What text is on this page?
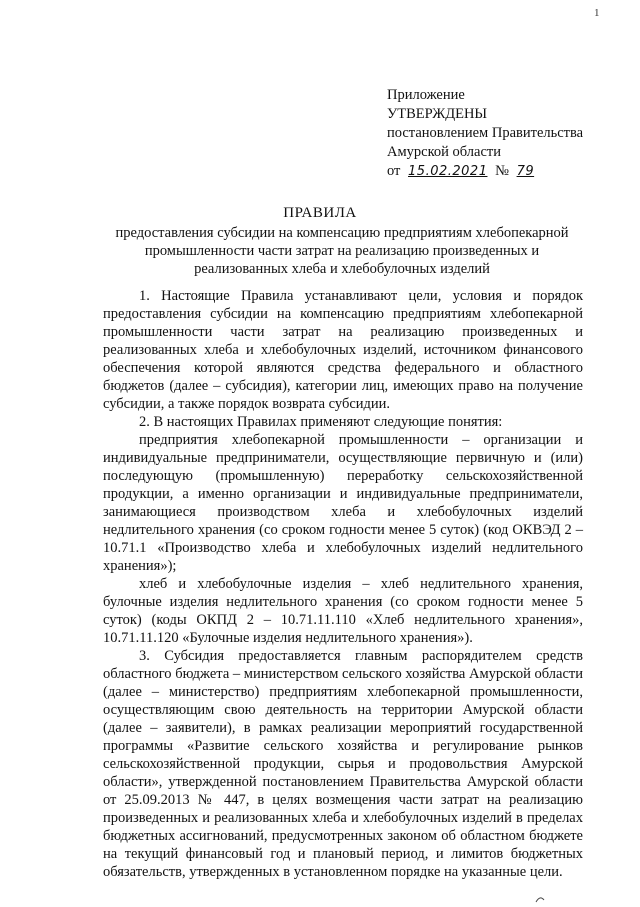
1
Приложение
УТВЕРЖДЕНЫ
постановлением Правительства
Амурской области
от 15.02.2021 № 79
ПРАВИЛА
предоставления субсидии на компенсацию предприятиям хлебопекарной промышленности части затрат на реализацию произведенных и реализованных хлеба и хлебобулочных изделий

1. Настоящие Правила устанавливают цели, условия и порядок предоставления субсидии на компенсацию предприятиям хлебопекарной промышленности части затрат на реализацию произведенных и реализованных хлеба и хлебобулочных изделий, источником финансового обеспечения которой являются средства федерального и областного бюджетов (далее – субсидия), категории лиц, имеющих право на получение субсидии, а также порядок возврата субсидии.

2. В настоящих Правилах применяют следующие понятия:

предприятия хлебопекарной промышленности – организации и индивидуальные предприниматели, осуществляющие первичную и (или) последующую (промышленную) переработку сельскохозяйственной продукции, а именно организации и индивидуальные предприниматели, занимающиеся производством хлеба и хлебобулочных изделий недлительного хранения (со сроком годности менее 5 суток) (код ОКВЭД 2 – 10.71.1 «Производство хлеба и хлебобулочных изделий недлительного хранения»);

хлеб и хлебобулочные изделия – хлеб недлительного хранения, булочные изделия недлительного хранения (со сроком годности менее 5 суток) (коды ОКПД 2 – 10.71.11.110 «Хлеб недлительного хранения», 10.71.11.120 «Булочные изделия недлительного хранения»).

3. Субсидия предоставляется главным распорядителем средств областного бюджета – министерством сельского хозяйства Амурской области (далее – министерство) предприятиям хлебопекарной промышленности, осуществляющим свою деятельность на территории Амурской области (далее – заявители), в рамках реализации мероприятий государственной программы «Развитие сельского хозяйства и регулирование рынков сельскохозяйственной продукции, сырья и продовольствия Амурской области», утвержденной постановлением Правительства Амурской области от 25.09.2013 № 447, в целях возмещения части затрат на реализацию произведенных и реализованных хлеба и хлебобулочных изделий в пределах бюджетных ассигнований, предусмотренных законом об областном бюджете на текущий финансовый год и плановый период, и лимитов бюджетных обязательств, утвержденных в установленном порядке на указанные цели.
